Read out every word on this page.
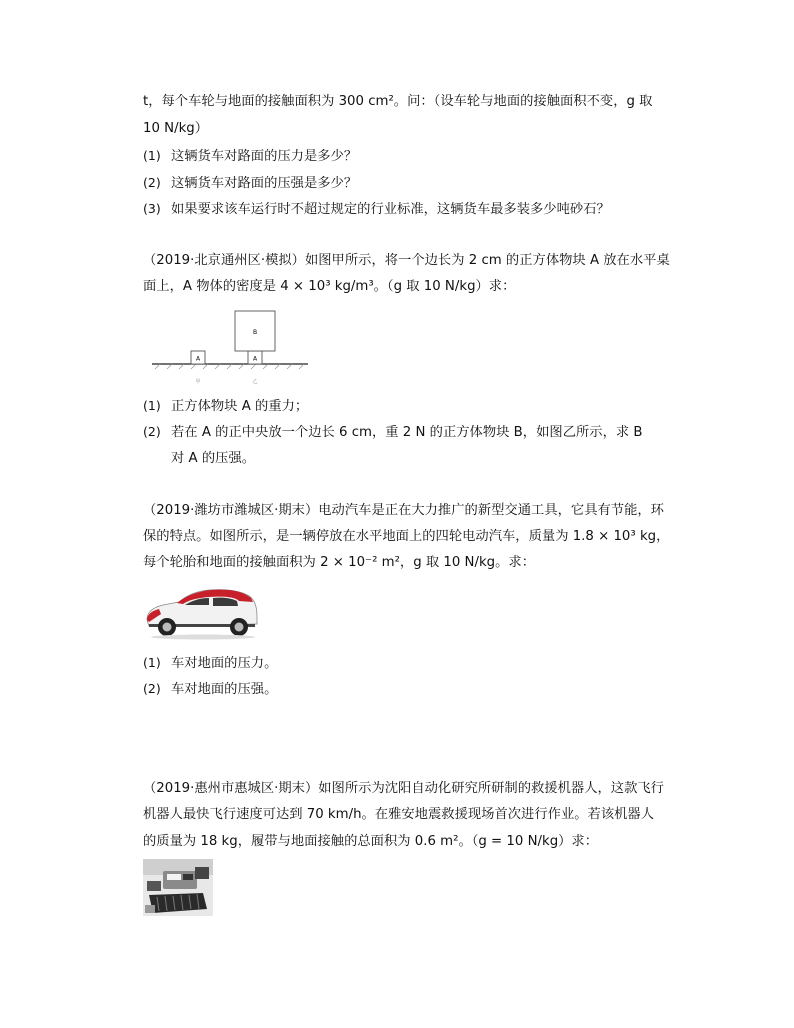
t，每个车轮与地面的接触面积为 300 cm²。问：（设车轮与地面的接触面积不变，g 取
10 N/kg）
(1) 这辆货车对路面的压力是多少？
(2) 这辆货车对路面的压强是多少？
(3) 如果要求该车运行时不超过规定的行业标准，这辆货车最多装多少吨砂石？
（2019·北京通州区·模拟）如图甲所示，将一个边长为 2 cm 的正方体物块 A 放在水平桌
面上，A 物体的密度是 4 × 10³ kg/m³。（g 取 10 N/kg）求：
A	A
B
甲	乙
(1) 正方体物块 A 的重力；
(2) 若在 A 的正中央放一个边长 6 cm，重 2 N 的正方体物块 B，如图乙所示，求 B
对 A 的压强。
（2019·潍坊市潍城区·期末）电动汽车是正在大力推广的新型交通工具，它具有节能，环
保的特点。如图所示，是一辆停放在水平地面上的四轮电动汽车，质量为 1.8 × 10³ kg，
每个轮胎和地面的接触面积为 2 × 10⁻² m²，g 取 10 N/kg。求：
(1) 车对地面的压力。
(2) 车对地面的压强。
（2019·惠州市惠城区·期末）如图所示为沈阳自动化研究所研制的救援机器人，这款飞行
机器人最快飞行速度可达到 70 km/h。在雅安地震救援现场首次进行作业。若该机器人
的质量为 18 kg，履带与地面接触的总面积为 0.6 m²。（g = 10 N/kg）求：
